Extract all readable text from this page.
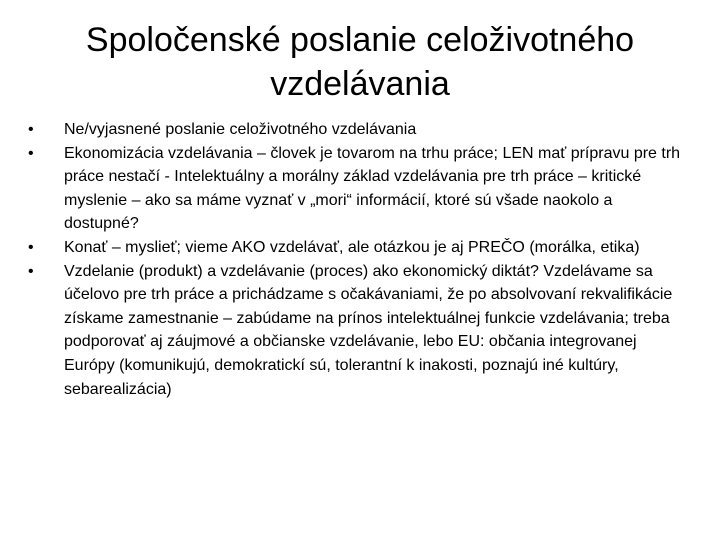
Spoločenské poslanie celoživotného vzdelávania
•	Ne/vyjasnené poslanie celoživotného vzdelávania
•	Ekonomizácia vzdelávania – človek je tovarom na trhu práce; LEN mať prípravu pre trh práce nestačí - Intelektuálny a morálny základ vzdelávania pre trh práce – kritické myslenie – ako sa máme vyznať v „mori“ informácií, ktoré sú všade naokolo a dostupné?
•	Konať – myslieť; vieme AKO vzdelávať, ale otázkou je aj PREČO (morálka, etika)
•	Vzdelanie (produkt) a vzdelávanie (proces) ako ekonomický diktát? Vzdelávame sa účelovo pre trh práce a prichádzame s očakávaniami, že po absolvovaní rekvalifikácie získame zamestnanie – zabúdame na prínos intelektuálnej funkcie vzdelávania; treba podporovať aj záujmové a občianske vzdelávanie, lebo EU: občania integrovanej Európy (komunikujú, demokratickí sú, tolerantní k inakosti, poznajú iné kultúry, sebarealizácia)
